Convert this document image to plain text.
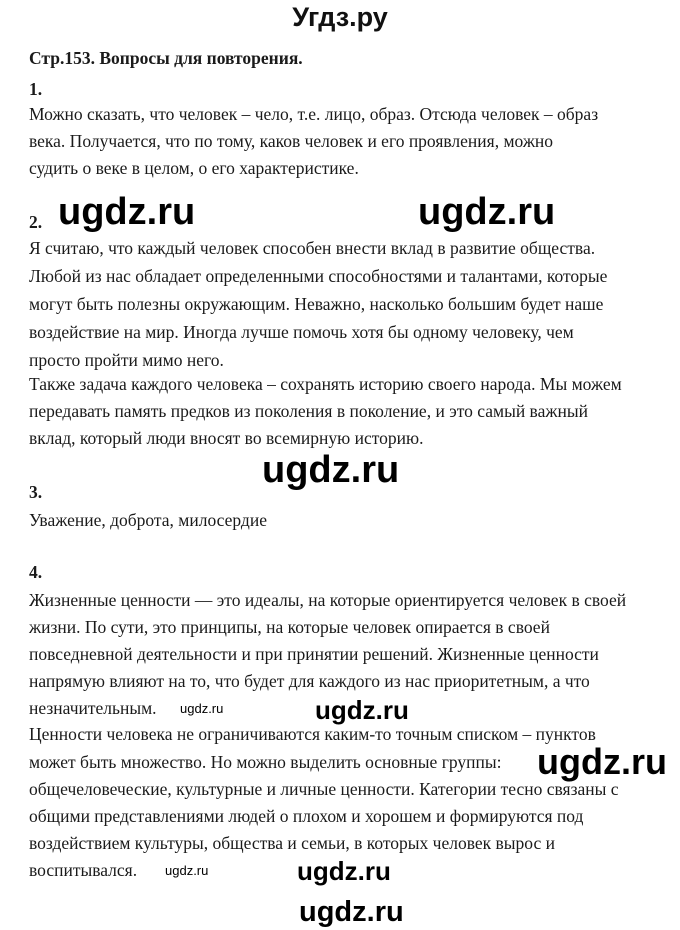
Угдз.ру
Стр.153. Вопросы для повторения.
1.
Можно сказать, что человек – чело, т.е. лицо, образ. Отсюда человек – образ
века. Получается, что по тому, каков человек и его проявления, можно
судить о веке в целом, о его характеристике.
2.
Я считаю, что каждый человек способен внести вклад в развитие общества.
Любой из нас обладает определенными способностями и талантами, которые
могут быть полезны окружающим. Неважно, насколько большим будет наше
воздействие на мир. Иногда лучше помочь хотя бы одному человеку, чем
просто пройти мимо него.
Также задача каждого человека – сохранять историю своего народа. Мы можем
передавать память предков из поколения в поколение, и это самый важный
вклад, который люди вносят во всемирную историю.
3.
Уважение, доброта, милосердие
4.
Жизненные ценности — это идеалы, на которые ориентируется человек в своей
жизни. По сути, это принципы, на которые человек опирается в своей
повседневной деятельности и при принятии решений. Жизненные ценности
напрямую влияют на то, что будет для каждого из нас приоритетным, а что
незначительным.
Ценности человека не ограничиваются каким-то точным списком – пунктов
может быть множество. Но можно выделить основные группы:
общечеловеческие, культурные и личные ценности. Категории тесно связаны с
общими представлениями людей о плохом и хорошем и формируются под
воздействием культуры, общества и семьи, в которых человек вырос и
воспитывался.
ugdz.ru	ugdz.ru
ugdz.ru
ugdz.ru	ugdz.ru
ugdz.ru
ugdz.ru	ugdz.ru
ugdz.ru
